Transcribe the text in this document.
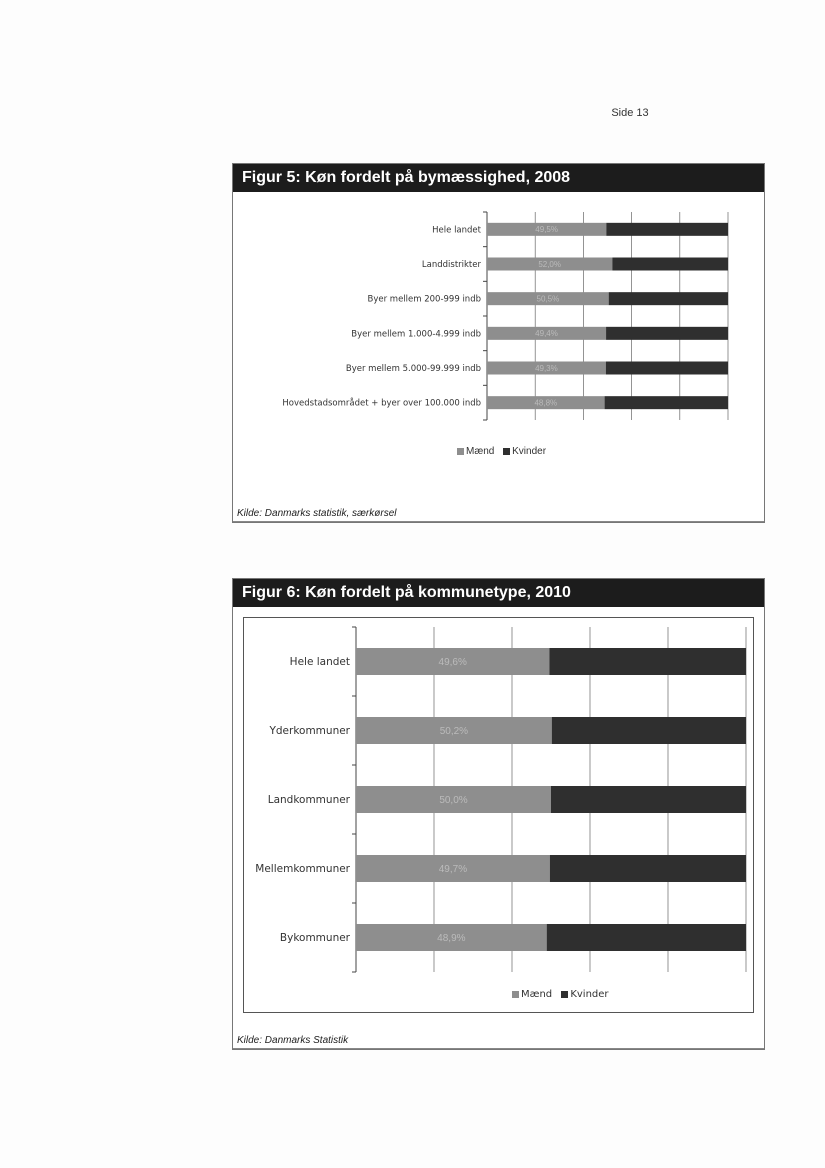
Side 13
Figur 5: Køn fordelt på bymæssighed, 2008
Hele landet	49,5%
Landdistrikter	52,0%
Byer mellem 200-999 indb	50,5%
Byer mellem 1.000-4.999 indb	49,4%
Byer mellem 5.000-99.999 indb	49,3%
Hovedstadsområdet + byer over 100.000 indb	48,8%
Mænd Kvinder
Kilde: Danmarks statistik, særkørsel
Figur 6: Køn fordelt på kommunetype, 2010
Hele landet	49,6%
Yderkommuner	50,2%
Landkommuner	50,0%
Mellemkommuner	49,7%
Bykommuner	48,9%
Mænd Kvinder
Kilde: Danmarks Statistik
